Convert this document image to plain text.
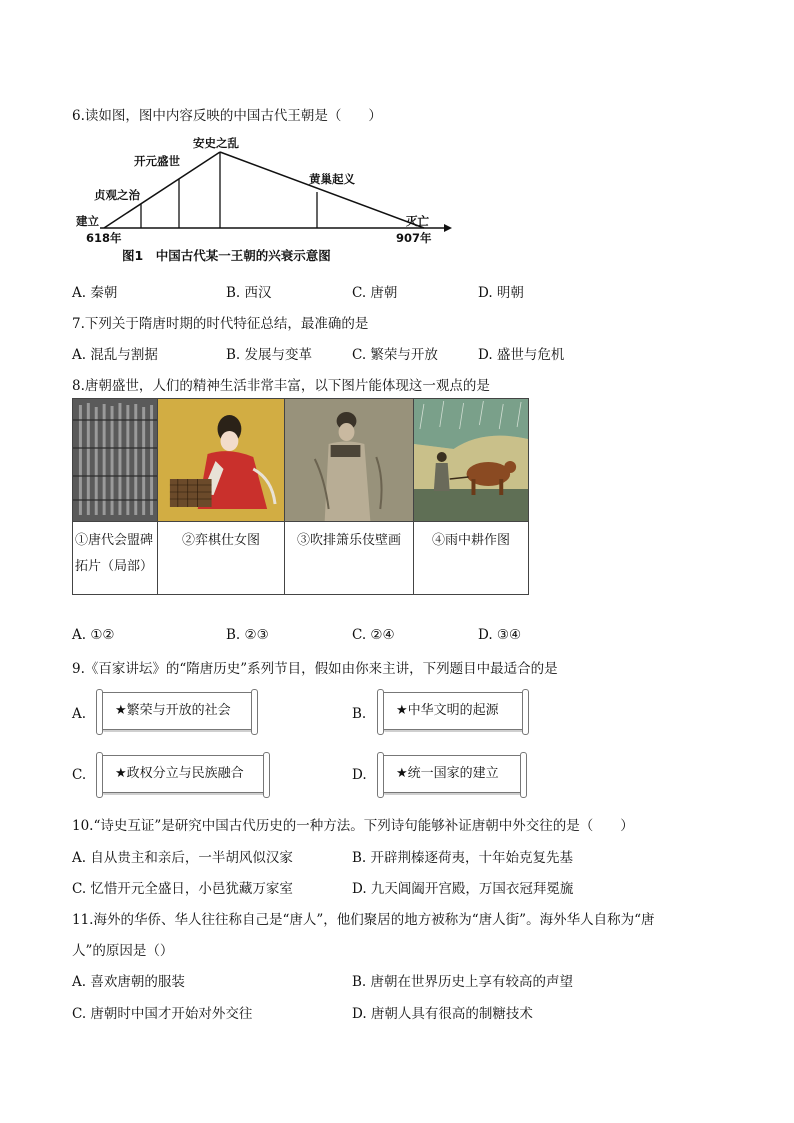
6.读如图，图中内容反映的中国古代王朝是（　　）
贞观之治
开元盛世
安史之乱
黄巢起义
建立	灭亡
618年	907年
图1　中国古代某一王朝的兴衰示意图
A. 秦朝	B. 西汉	C. 唐朝	D. 明朝
7.下列关于隋唐时期的时代特征总结，最准确的是
A. 混乱与割据	B. 发展与变革	C. 繁荣与开放	D. 盛世与危机
8.唐朝盛世，人们的精神生活非常丰富，以下图片能体现这一观点的是

①唐代会盟碑拓片（局部）	②弈棋仕女图	③吹排箫乐伎壁画	④雨中耕作图
A. ①②	B. ②③	C. ②④	D. ③④
9.《百家讲坛》的“隋唐历史”系列节目，假如由你来主讲，下列题目中最适合的是
A.	★繁荣与开放的社会	B.	★中华文明的起源
C.	★政权分立与民族融合	D.	★统一国家的建立
10.“诗史互证”是研究中国古代历史的一种方法。下列诗句能够补证唐朝中外交往的是（　　）
A. 自从贵主和亲后，一半胡风似汉家	B. 开辟荆榛逐荷夷，十年始克复先基
C. 忆惜开元全盛日，小邑犹藏万家室	D. 九天阊阖开宫殿，万国衣冠拜冕旒
11.海外的华侨、华人往往称自己是“唐人”，他们聚居的地方被称为“唐人街”。海外华人自称为“唐
人”的原因是（）
A. 喜欢唐朝的服装	B. 唐朝在世界历史上享有较高的声望
C. 唐朝时中国才开始对外交往	D. 唐朝人具有很高的制糖技术
